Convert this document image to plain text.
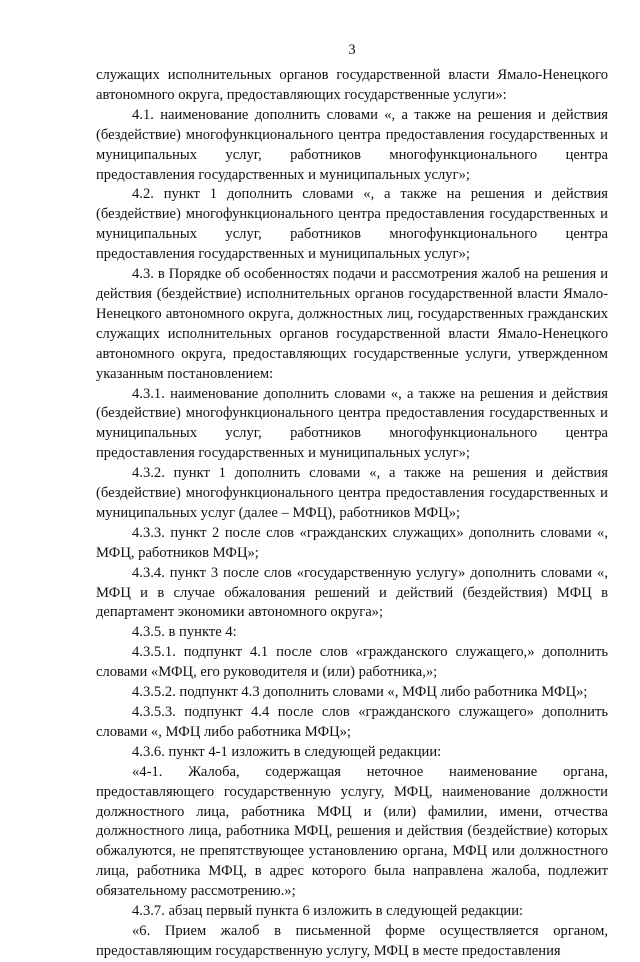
3

служащих исполнительных органов государственной власти Ямало-Ненецкого автономного округа, предоставляющих государственные услуги»:

4.1. наименование дополнить словами «, а также на решения и действия (бездействие) многофункционального центра предоставления государственных и муниципальных услуг, работников многофункционального центра предоставления государственных и муниципальных услуг»;

4.2. пункт 1 дополнить словами «, а также на решения и действия (бездействие) многофункционального центра предоставления государственных и муниципальных услуг, работников многофункционального центра предоставления государственных и муниципальных услуг»;

4.3. в Порядке об особенностях подачи и рассмотрения жалоб на решения и действия (бездействие) исполнительных органов государственной власти Ямало-Ненецкого автономного округа, должностных лиц, государственных гражданских служащих исполнительных органов государственной власти Ямало-Ненецкого автономного округа, предоставляющих государственные услуги, утвержденном указанным постановлением:

4.3.1. наименование дополнить словами «, а также на решения и действия (бездействие) многофункционального центра предоставления государственных и муниципальных услуг, работников многофункционального центра предоставления государственных и муниципальных услуг»;

4.3.2. пункт 1 дополнить словами «, а также на решения и действия (бездействие) многофункционального центра предоставления государственных и муниципальных услуг (далее – МФЦ), работников МФЦ»;

4.3.3. пункт 2 после слов «гражданских служащих» дополнить словами «, МФЦ, работников МФЦ»;

4.3.4. пункт 3 после слов «государственную услугу» дополнить словами «, МФЦ и в случае обжалования решений и действий (бездействия) МФЦ в департамент экономики автономного округа»;

4.3.5. в пункте 4:

4.3.5.1. подпункт 4.1 после слов «гражданского служащего,» дополнить словами «МФЦ, его руководителя и (или) работника,»;

4.3.5.2. подпункт 4.3 дополнить словами «, МФЦ либо работника МФЦ»;

4.3.5.3. подпункт 4.4 после слов «гражданского служащего» дополнить словами «, МФЦ либо работника МФЦ»;

4.3.6. пункт 4-1 изложить в следующей редакции:

«4-1. Жалоба, содержащая неточное наименование органа, предоставляющего государственную услугу, МФЦ, наименование должности должностного лица, работника МФЦ и (или) фамилии, имени, отчества должностного лица, работника МФЦ, решения и действия (бездействие) которых обжалуются, не препятствующее установлению органа, МФЦ или должностного лица, работника МФЦ, в адрес которого была направлена жалоба, подлежит обязательному рассмотрению.»;

4.3.7. абзац первый пункта 6 изложить в следующей редакции:

«6. Прием жалоб в письменной форме осуществляется органом, предоставляющим государственную услугу, МФЦ в месте предоставления
